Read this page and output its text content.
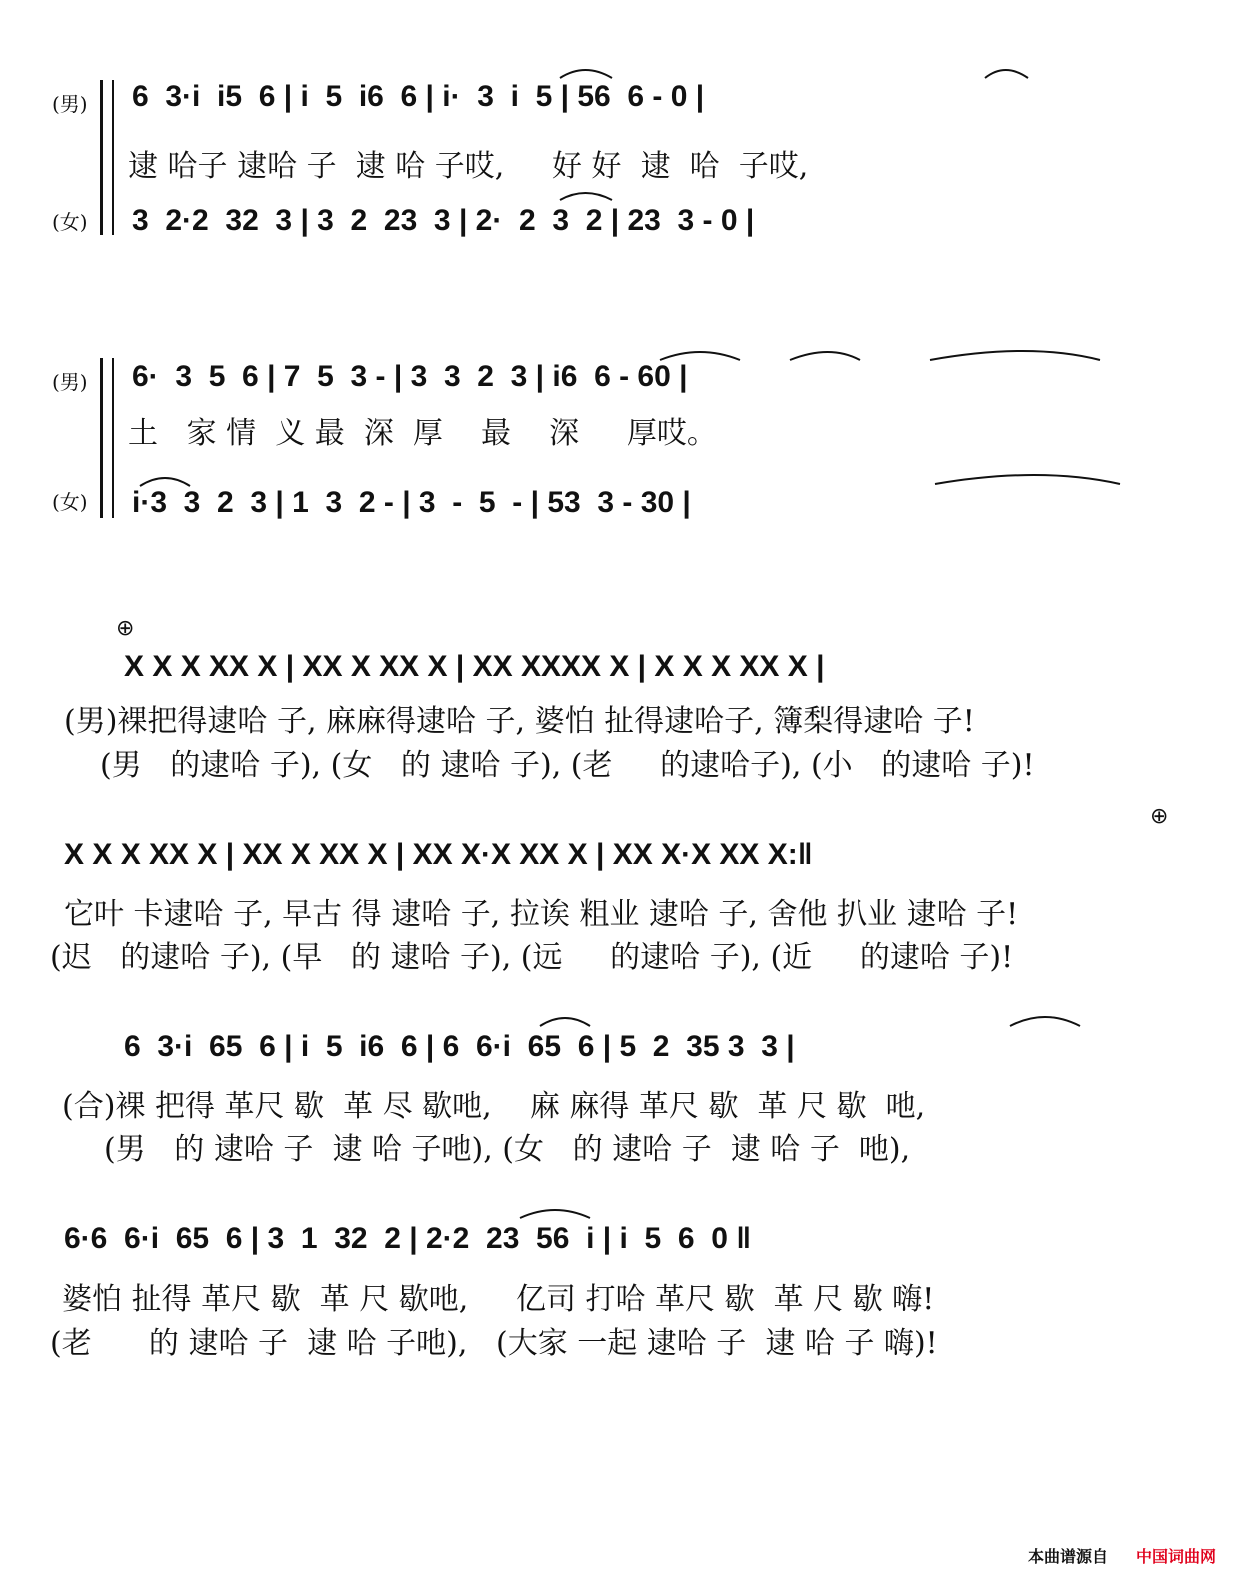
(男)
(女)
6  3·i  i5  6 | i  5  i6  6 | i·  3  i  5 | 56  6 - 0 |
逮 哈子 逮哈 子  逮 哈 子哎,     好 好  逮  哈  子哎,
3  2·2  32  3 | 3  2  23  3 | 2·  2  3  2 | 23  3 - 0 |
(男)
(女)
6·  3  5  6 | 7  5  3 - | 3  3  2  3 | i6  6 - 60 |
土   家 情  义 最  深  厚    最    深     厚哎。
i·3  3  2  3 | 1  3  2 - | 3  -  5  - | 53  3 - 30 |
⊕
X X X XX X | XX X XX X | XX XXXX X | X X X XX X |
(男)裸把得逮哈 子, 麻麻得逮哈 子, 婆怕 扯得逮哈子, 簿梨得逮哈 子!
(男   的逮哈 子), (女   的 逮哈 子), (老     的逮哈子), (小   的逮哈 子)!
⊕
X X X XX X | XX X XX X | XX X·X XX X | XX X·X XX X:‖
它叶 卡逮哈 子, 早古 得 逮哈 子, 拉诶 粗业 逮哈 子, 舍他 扒业 逮哈 子!
(迟   的逮哈 子), (早   的 逮哈 子), (远     的逮哈 子), (近     的逮哈 子)!
6  3·i  65  6 | i  5  i6  6 | 6  6·i  65  6 | 5  2  35 3  3 |
(合)裸 把得 革尺 歇  革 尽 歇吔,    麻 麻得 革尺 歇  革 尺 歇  吔,
(男   的 逮哈 子  逮 哈 子吔), (女   的 逮哈 子  逮 哈 子  吔),
6·6  6·i  65  6 | 3  1  32  2 | 2·2  23  56  i | i  5  6  0 ‖
婆怕 扯得 革尺 歇  革 尺 歇吔,     亿司 打哈 革尺 歇  革 尺 歇 嗨!
(老      的 逮哈 子  逮 哈 子吔),   (大家 一起 逮哈 子  逮 哈 子 嗨)!
本曲谱源自 中国词曲网
